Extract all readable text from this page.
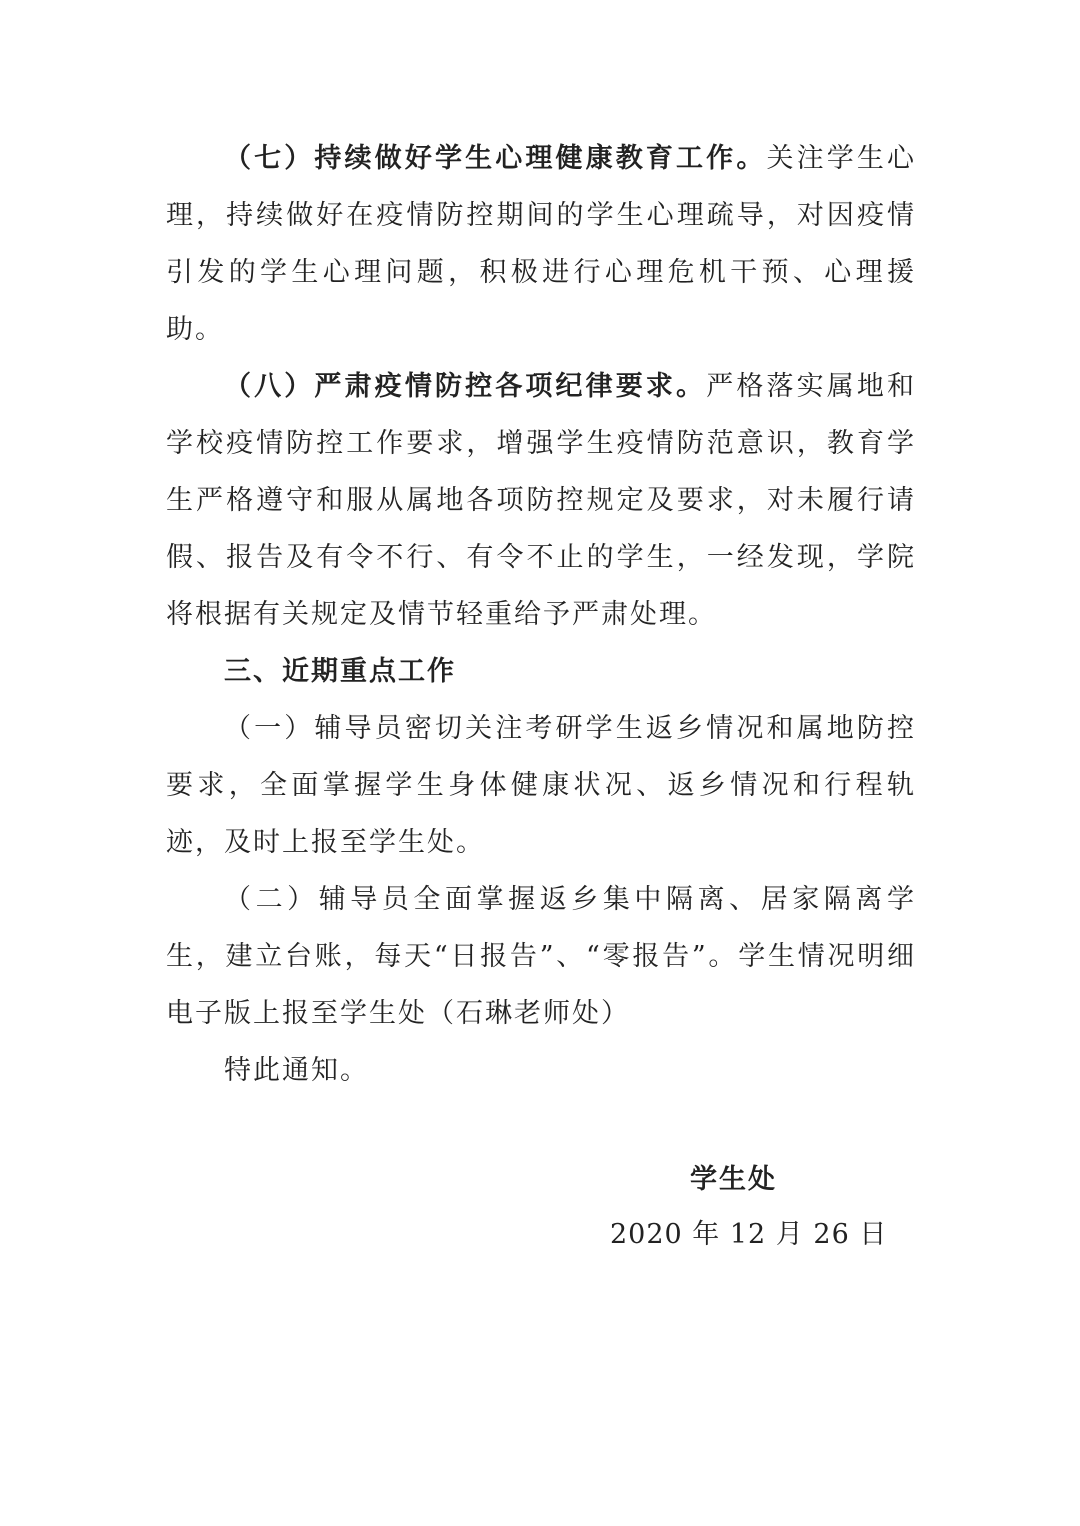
（七）持续做好学生心理健康教育工作。关注学生心理，持续做好在疫情防控期间的学生心理疏导，对因疫情引发的学生心理问题，积极进行心理危机干预、心理援助。

（八）严肃疫情防控各项纪律要求。严格落实属地和学校疫情防控工作要求，增强学生疫情防范意识，教育学生严格遵守和服从属地各项防控规定及要求，对未履行请假、报告及有令不行、有令不止的学生，一经发现，学院将根据有关规定及情节轻重给予严肃处理。

三、近期重点工作

（一）辅导员密切关注考研学生返乡情况和属地防控要求，全面掌握学生身体健康状况、返乡情况和行程轨迹，及时上报至学生处。

（二）辅导员全面掌握返乡集中隔离、居家隔离学生，建立台账，每天“日报告”、“零报告”。学生情况明细电子版上报至学生处（石琳老师处）

特此通知。

学生处
2020 年 12 月 26 日
